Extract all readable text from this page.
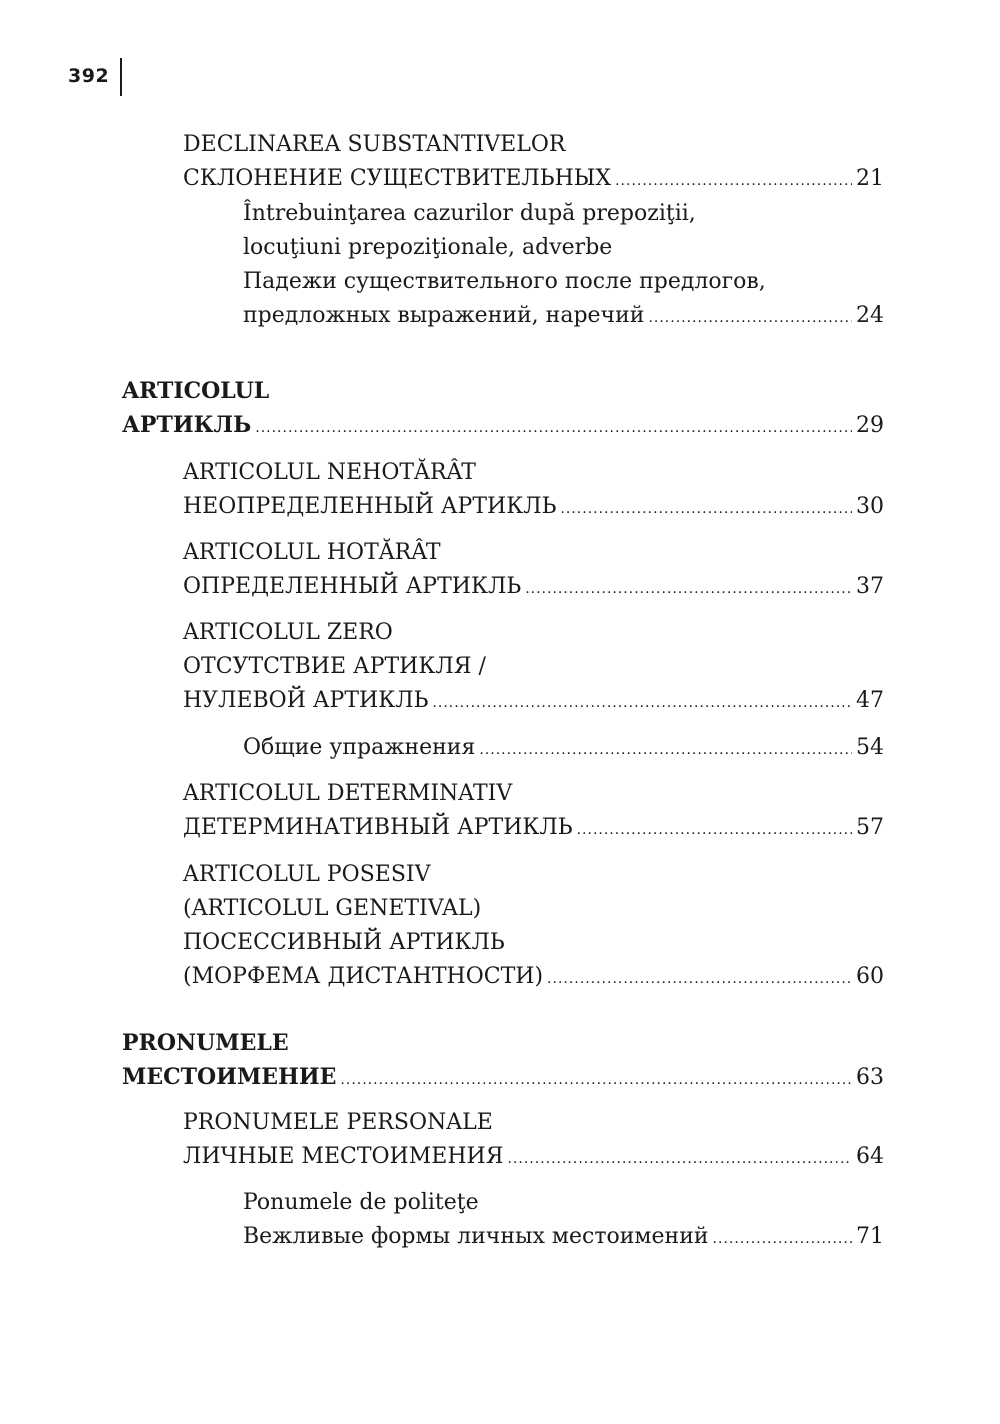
392
DECLINAREA SUBSTANTIVELOR
СКЛОНЕНИЕ СУЩЕСТВИТЕЛЬНЫХ .....	21
Întrebuinţarea cazurilor după prepoziţii,
locuţiuni prepoziţionale, adverbe
Падежи существительного после предлогов,
предложных выражений, наречий .....	24
ARTICOLUL
АРТИКЛЬ .....	29
ARTICOLUL NEHOTĂRÂT
НЕОПРЕДЕЛЕННЫЙ АРТИКЛЬ .....	30
ARTICOLUL HOTĂRÂT
ОПРЕДЕЛЕННЫЙ АРТИКЛЬ .....	37
ARTICOLUL ZERO
ОТСУТСТВИЕ АРТИКЛЯ /
НУЛЕВОЙ АРТИКЛЬ .....	47
Общие упражнения .....	54
ARTICOLUL DETERMINATIV
ДЕТЕРМИНАТИВНЫЙ АРТИКЛЬ .....	57
ARTICOLUL POSESIV
(ARTICOLUL GENETIVAL)
ПОСЕССИВНЫЙ АРТИКЛЬ
(МОРФЕМА ДИСТАНТНОСТИ) .....	60
PRONUMELE
МЕСТОИМЕНИЕ .....	63
PRONUMELE PERSONALE
ЛИЧНЫЕ МЕСТОИМЕНИЯ .....	64
Ponumele de politeţe
Вежливые формы личных местоимений .....	71
